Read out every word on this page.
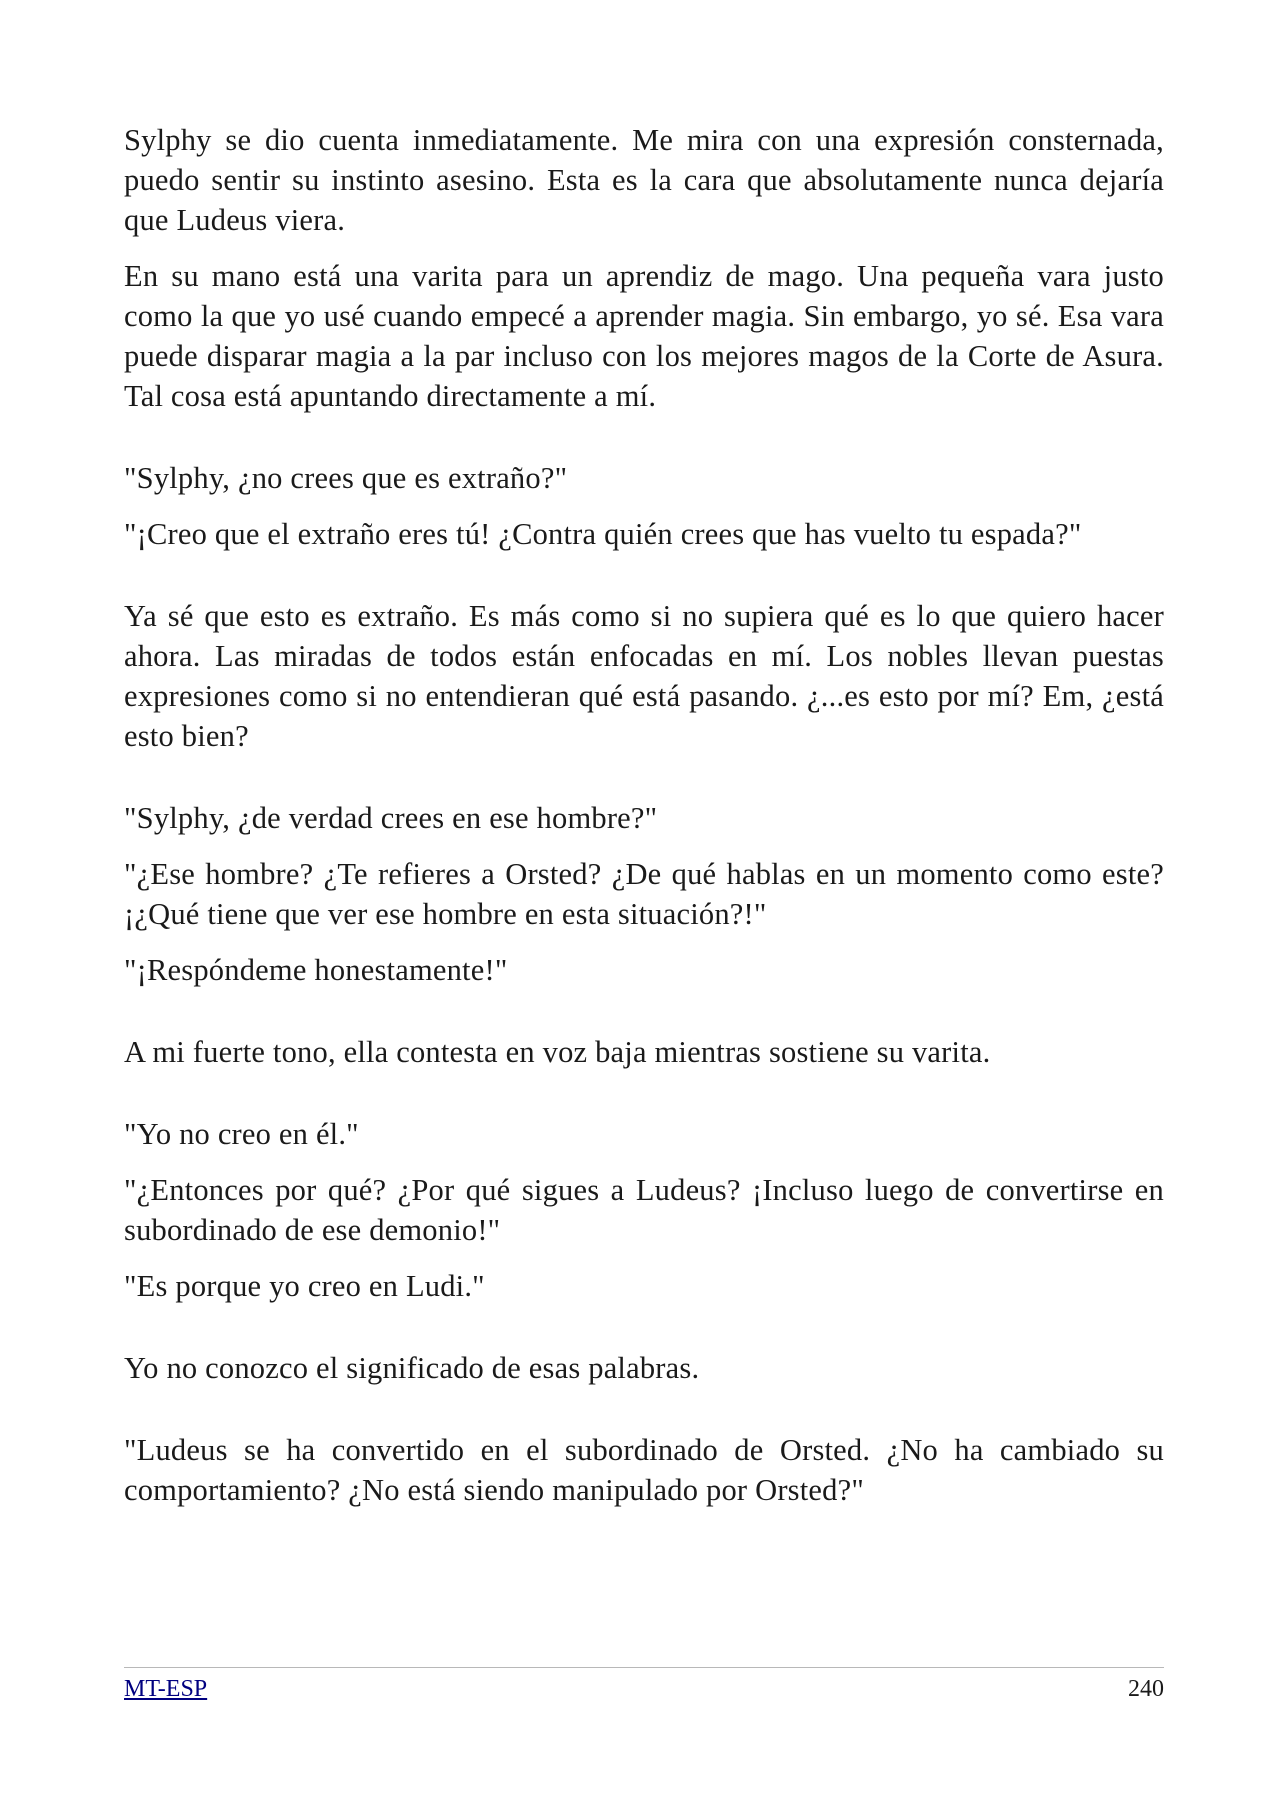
Sylphy se dio cuenta inmediatamente. Me mira con una expresión consternada, puedo sentir su instinto asesino. Esta es la cara que absolutamente nunca dejaría que Ludeus viera.

En su mano está una varita para un aprendiz de mago. Una pequeña vara justo como la que yo usé cuando empecé a aprender magia. Sin embargo, yo sé. Esa vara puede disparar magia a la par incluso con los mejores magos de la Corte de Asura. Tal cosa está apuntando directamente a mí.

"Sylphy, ¿no crees que es extraño?"

"¡Creo que el extraño eres tú! ¿Contra quién crees que has vuelto tu espada?"

Ya sé que esto es extraño. Es más como si no supiera qué es lo que quiero hacer ahora. Las miradas de todos están enfocadas en mí. Los nobles llevan puestas expresiones como si no entendieran qué está pasando. ¿...es esto por mí? Em, ¿está esto bien?

"Sylphy, ¿de verdad crees en ese hombre?"

"¿Ese hombre? ¿Te refieres a Orsted? ¿De qué hablas en un momento como este? ¡¿Qué tiene que ver ese hombre en esta situación?!"

"¡Respóndeme honestamente!"

A mi fuerte tono, ella contesta en voz baja mientras sostiene su varita.

"Yo no creo en él."

"¿Entonces por qué? ¿Por qué sigues a Ludeus? ¡Incluso luego de convertirse en subordinado de ese demonio!"

"Es porque yo creo en Ludi."

Yo no conozco el significado de esas palabras.

"Ludeus se ha convertido en el subordinado de Orsted. ¿No ha cambiado su comportamiento? ¿No está siendo manipulado por Orsted?"

MT-ESP	240
